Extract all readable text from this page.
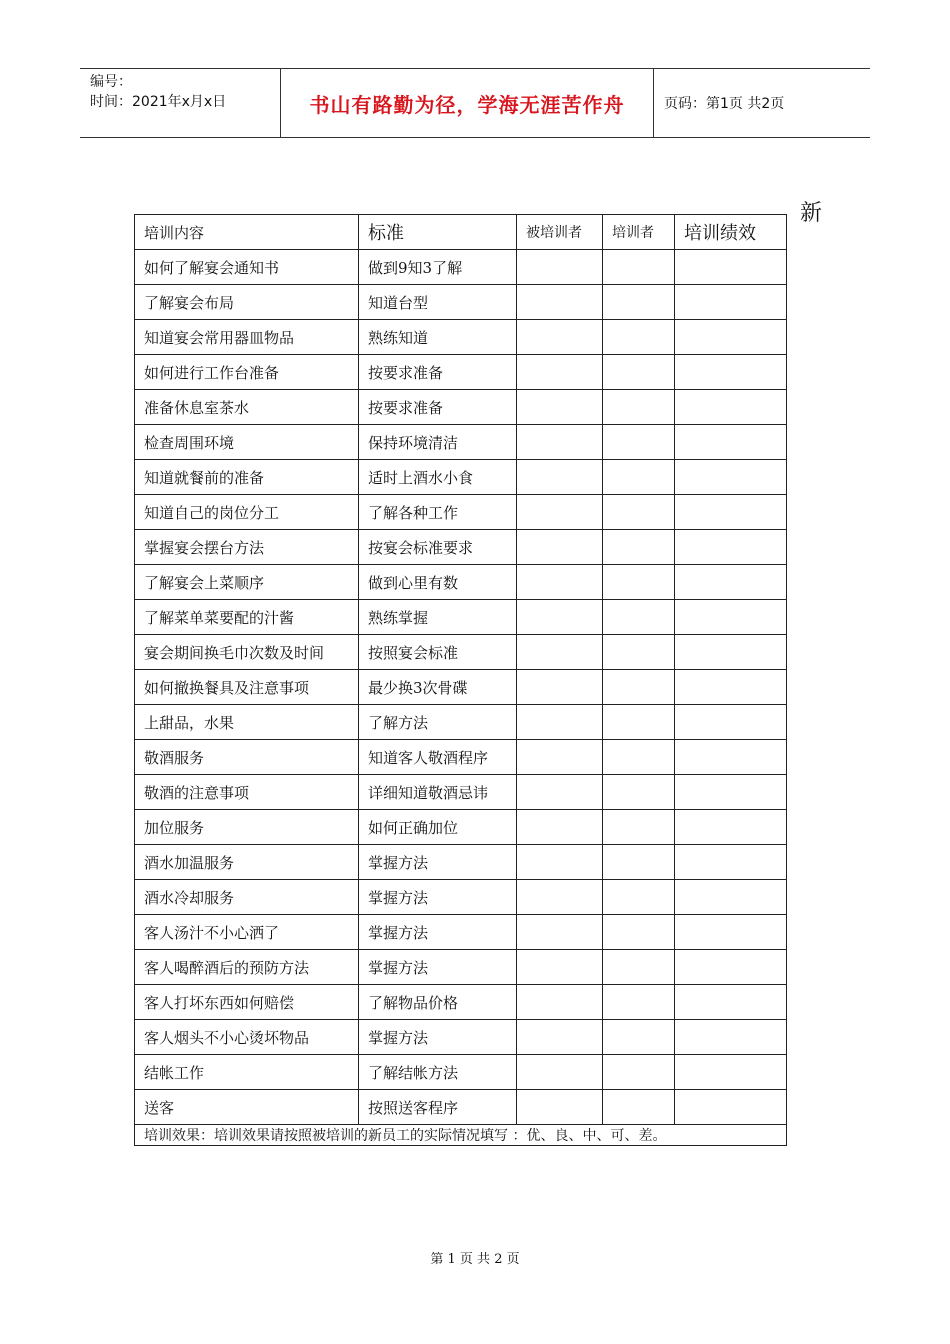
编号：
时间：2021年x月x日	书山有路勤为径，学海无涯苦作舟	页码：第1页 共2页
新
培训内容	标准	被培训者	培训者	培训绩效
如何了解宴会通知书	做到9知3了解			
了解宴会布局	知道台型			
知道宴会常用器皿物品	熟练知道			
如何进行工作台准备	按要求准备			
准备休息室茶水	按要求准备			
检查周围环境	保持环境清洁			
知道就餐前的准备	适时上酒水小食			
知道自己的岗位分工	了解各种工作			
掌握宴会摆台方法	按宴会标准要求			
了解宴会上菜顺序	做到心里有数			
了解菜单菜要配的汁酱	熟练掌握			
宴会期间换毛巾次数及时间	按照宴会标准			
如何撤换餐具及注意事项	最少换3次骨碟			
上甜品，水果	了解方法			
敬酒服务	知道客人敬酒程序			
敬酒的注意事项	详细知道敬酒忌讳			
加位服务	如何正确加位			
酒水加温服务	掌握方法			
酒水冷却服务	掌握方法			
客人汤汁不小心洒了	掌握方法			
客人喝醉酒后的预防方法	掌握方法			
客人打坏东西如何赔偿	了解物品价格			
客人烟头不小心烫坏物品	掌握方法			
结帐工作	了解结帐方法			
送客	按照送客程序			
培训效果：培训效果请按照被培训的新员工的实际情况填写 ：优、良、中、可、差。				
第 1 页 共 2 页
